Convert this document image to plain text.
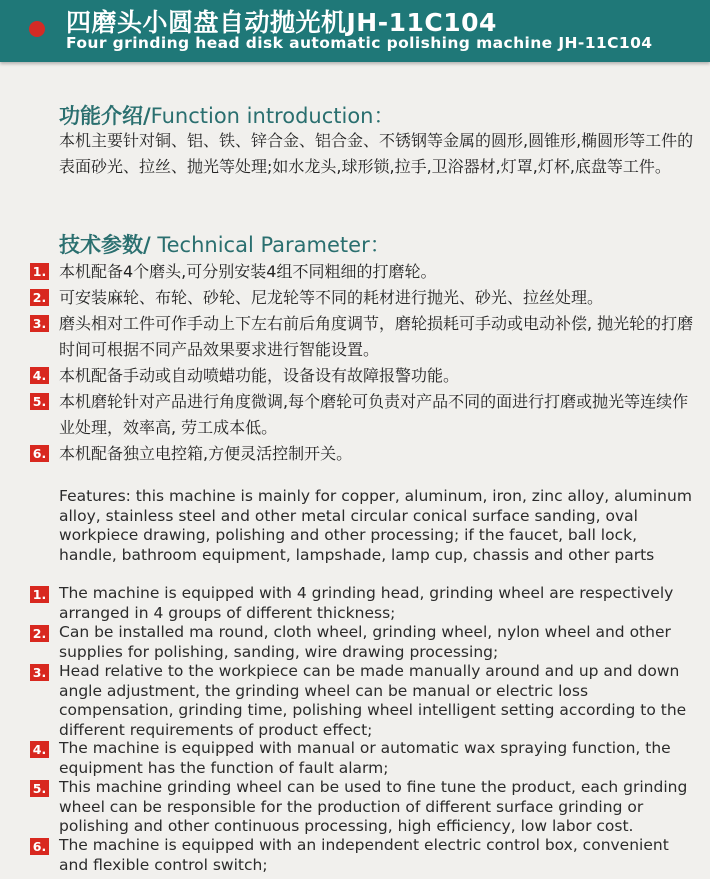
四磨头小圆盘自动抛光机JH-11C104
Four grinding head disk automatic polishing machine JH-11C104
功能介绍/Function introduction：
本机主要针对铜、铝、铁、锌合金、铝合金、不锈钢等金属的圆形,圆锥形,椭圆形等工件的表面砂光、拉丝、抛光等处理;如水龙头,球形锁,拉手,卫浴器材,灯罩,灯杯,底盘等工件。
技术参数/ Technical Parameter：
1. 本机配备4个磨头,可分别安装4组不同粗细的打磨轮。
2. 可安装麻轮、布轮、砂轮、尼龙轮等不同的耗材进行抛光、砂光、拉丝处理。
3. 磨头相对工件可作手动上下左右前后角度调节，磨轮损耗可手动或电动补偿, 抛光轮的打磨时间可根据不同产品效果要求进行智能设置。
4. 本机配备手动或自动喷蜡功能，设备设有故障报警功能。
5. 本机磨轮针对产品进行角度微调,每个磨轮可负责对产品不同的面进行打磨或抛光等连续作业处理，效率高, 劳工成本低。
6. 本机配备独立电控箱,方便灵活控制开关。
Features: this machine is mainly for copper, aluminum, iron, zinc alloy, aluminum alloy, stainless steel and other metal circular conical surface sanding, oval workpiece drawing, polishing and other processing; if the faucet, ball lock, handle, bathroom equipment, lampshade, lamp cup, chassis and other parts
1. The machine is equipped with 4 grinding head, grinding wheel are respectively arranged in 4 groups of different thickness;
2. Can be installed ma round, cloth wheel, grinding wheel, nylon wheel and other supplies for polishing, sanding, wire drawing processing;
3. Head relative to the workpiece can be made manually around and up and down angle adjustment, the grinding wheel can be manual or electric loss compensation, grinding time, polishing wheel intelligent setting according to the different requirements of product effect;
4. The machine is equipped with manual or automatic wax spraying function, the equipment has the function of fault alarm;
5. This machine grinding wheel can be used to fine tune the product, each grinding wheel can be responsible for the production of different surface grinding or polishing and other continuous processing, high efficiency, low labor cost.
6. The machine is equipped with an independent electric control box, convenient and flexible control switch;
